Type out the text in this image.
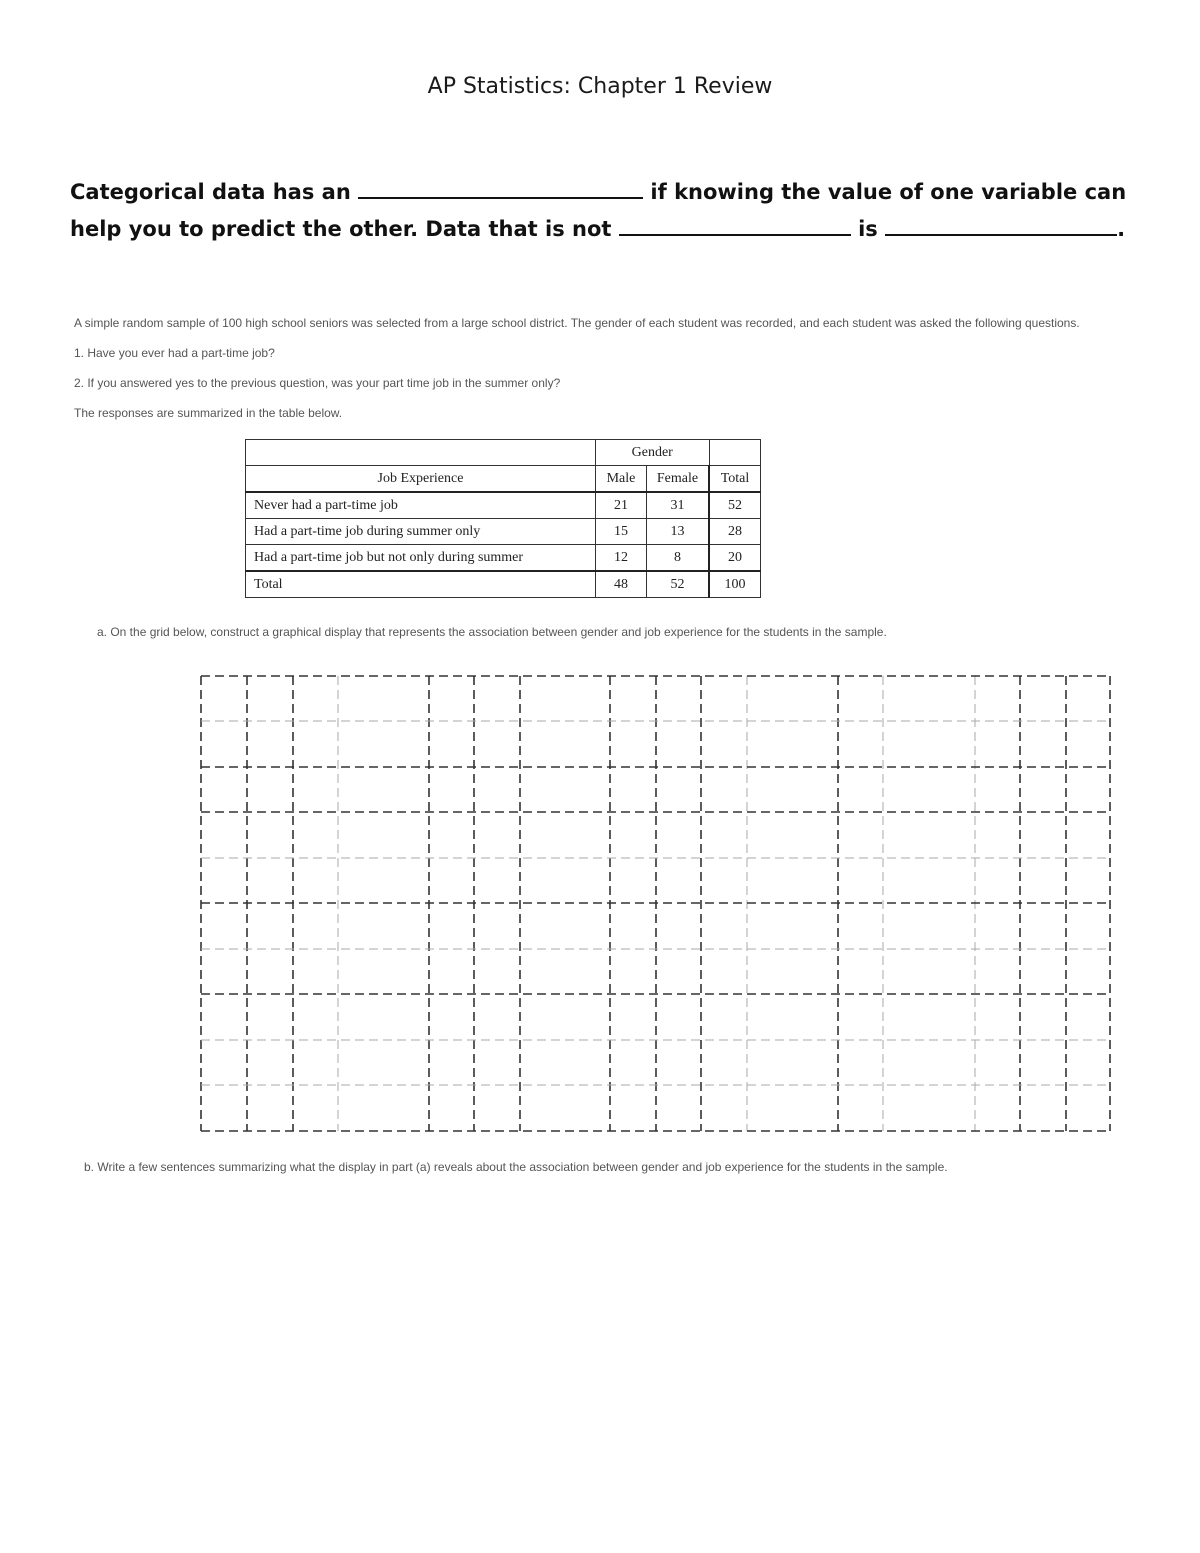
AP Statistics: Chapter 1 Review
Categorical data has an	if knowing the value of one variable can help you to predict the other. Data that is not	is	.

A simple random sample of 100 high school seniors was selected from a large school district. The gender of each student was recorded, and each student was asked the following questions.

1. Have you ever had a part-time job?

2. If you answered yes to the previous question, was your part time job in the summer only?

The responses are summarized in the table below.

	Gender		
Job Experience	Male	Female	Total
Never had a part-time job	21	31	52
Had a part-time job during summer only	15	13	28
Had a part-time job but not only during summer	12	8	20
Total	48	52	100
a. On the grid below, construct a graphical display that represents the association between gender and job experience for the students in the sample.
b. Write a few sentences summarizing what the display in part (a) reveals about the association between gender and job experience for the students in the sample.
